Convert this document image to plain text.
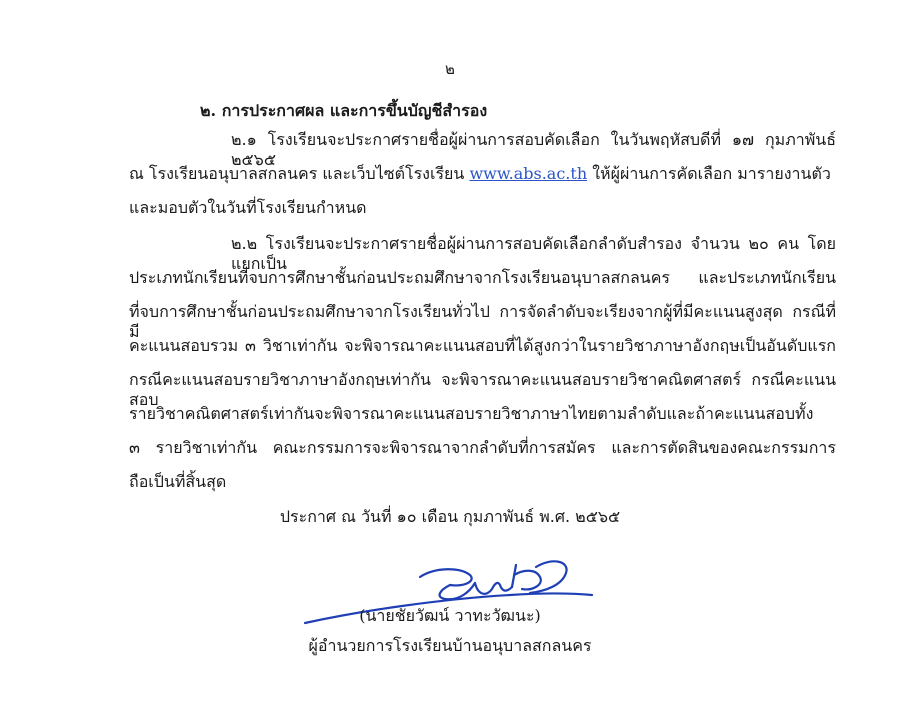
๒
๒. การประกาศผล และการขึ้นบัญชีสำรอง
๒.๑ โรงเรียนจะประกาศรายชื่อผู้ผ่านการสอบคัดเลือก ในวันพฤหัสบดีที่ ๑๗ กุมภาพันธ์ ๒๕๖๕
ณ โรงเรียนอนุบาลสกลนคร และเว็บไซต์โรงเรียน www.abs.ac.th ให้ผู้ผ่านการคัดเลือก มารายงานตัว
และมอบตัวในวันที่โรงเรียนกำหนด
๒.๒ โรงเรียนจะประกาศรายชื่อผู้ผ่านการสอบคัดเลือกลำดับสำรอง จำนวน ๒๐ คน โดยแยกเป็น
ประเภทนักเรียนที่จบการศึกษาชั้นก่อนประถมศึกษาจากโรงเรียนอนุบาลสกลนคร และประเภทนักเรียน
ที่จบการศึกษาชั้นก่อนประถมศึกษาจากโรงเรียนทั่วไป การจัดลำดับจะเรียงจากผู้ที่มีคะแนนสูงสุด กรณีที่มี
คะแนนสอบรวม ๓ วิชาเท่ากัน จะพิจารณาคะแนนสอบที่ได้สูงกว่าในรายวิชาภาษาอังกฤษเป็นอันดับแรก
กรณีคะแนนสอบรายวิชาภาษาอังกฤษเท่ากัน จะพิจารณาคะแนนสอบรายวิชาคณิตศาสตร์ กรณีคะแนนสอบ
รายวิชาคณิตศาสตร์เท่ากันจะพิจารณาคะแนนสอบรายวิชาภาษาไทยตามลำดับและถ้าคะแนนสอบทั้ง
๓ รายวิชาเท่ากัน คณะกรรมการจะพิจารณาจากลำดับที่การสมัคร และการตัดสินของคณะกรรมการ
ถือเป็นที่สิ้นสุด
ประกาศ ณ วันที่ ๑๐ เดือน กุมภาพันธ์ พ.ศ. ๒๕๖๕
(นายชัยวัฒน์ วาทะวัฒนะ)
ผู้อำนวยการโรงเรียนบ้านอนุบาลสกลนคร
